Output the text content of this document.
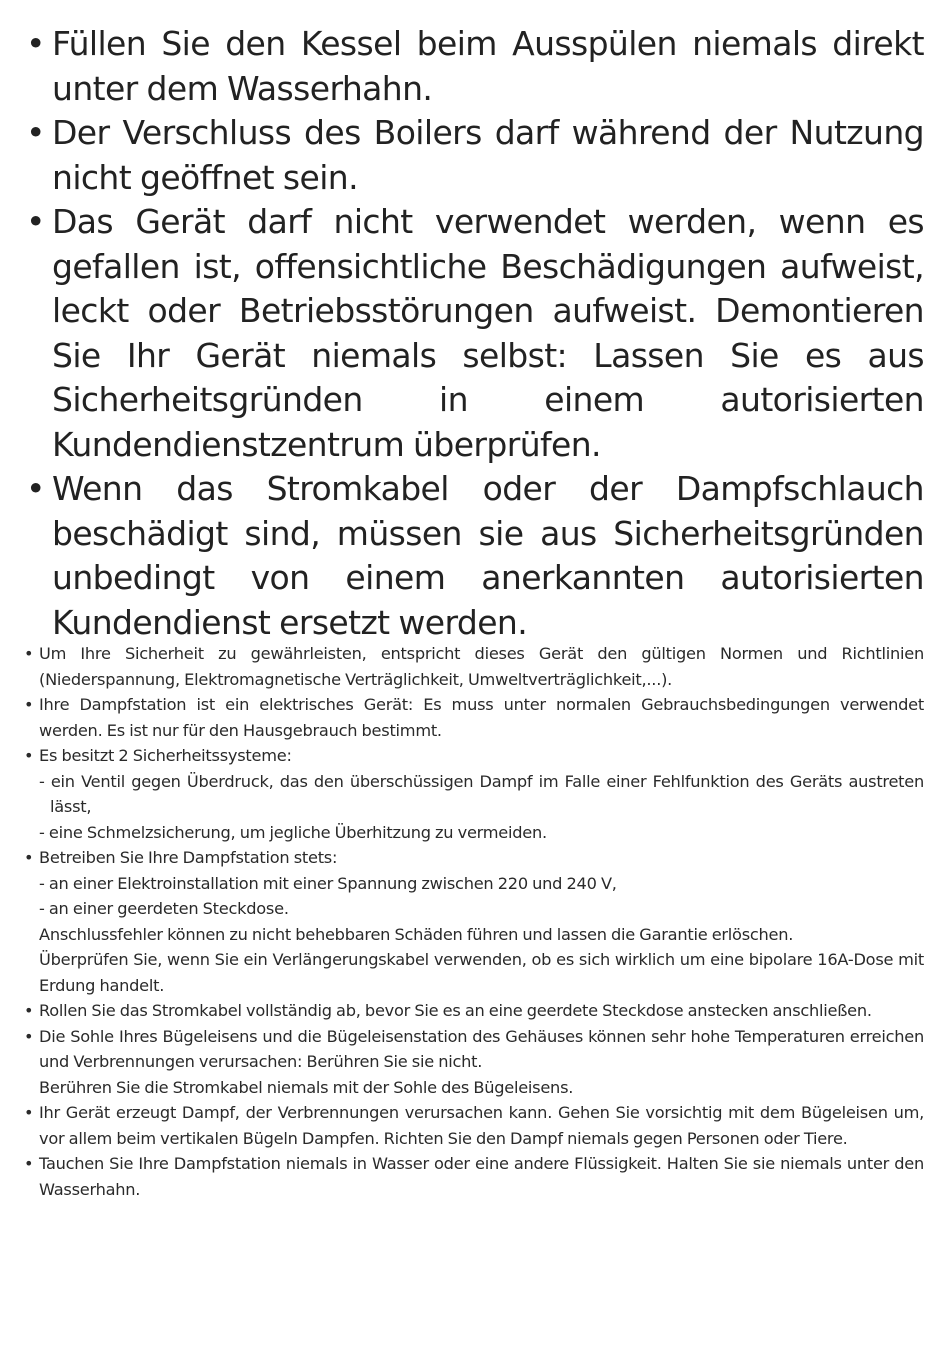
• Füllen Sie den Kessel beim Ausspülen niemals direkt unter dem Wasserhahn.
• Der Verschluss des Boilers darf während der Nutzung nicht geöffnet sein.
• Das Gerät darf nicht verwendet werden, wenn es gefallen ist, offensichtliche Beschädigungen aufweist, leckt oder Betriebsstörungen aufweist. Demontieren Sie Ihr Gerät niemals selbst: Lassen Sie es aus Sicherheitsgründen in einem autorisierten Kundendienstzentrum überprüfen.
• Wenn das Stromkabel oder der Dampfschlauch beschädigt sind, müssen sie aus Sicherheitsgründen unbedingt von einem anerkannten autorisierten Kundendienst ersetzt werden.
• Um Ihre Sicherheit zu gewährleisten, entspricht dieses Gerät den gültigen Normen und Richtlinien (Niederspannung, Elektromagnetische Verträglichkeit, Umweltverträglichkeit,...).
• Ihre Dampfstation ist ein elektrisches Gerät: Es muss unter normalen Gebrauchsbedingungen verwendet werden. Es ist nur für den Hausgebrauch bestimmt.
• Es besitzt 2 Sicherheitssysteme:
- ein Ventil gegen Überdruck, das den überschüssigen Dampf im Falle einer Fehlfunktion des Geräts austreten lässt,
- eine Schmelzsicherung, um jegliche Überhitzung zu vermeiden.
• Betreiben Sie Ihre Dampfstation stets:
- an einer Elektroinstallation mit einer Spannung zwischen 220 und 240 V,
- an einer geerdeten Steckdose.
Anschlussfehler können zu nicht behebbaren Schäden führen und lassen die Garantie erlöschen.
Überprüfen Sie, wenn Sie ein Verlängerungskabel verwenden, ob es sich wirklich um eine bipolare 16A-Dose mit Erdung handelt.
• Rollen Sie das Stromkabel vollständig ab, bevor Sie es an eine geerdete Steckdose anstecken anschließen.
• Die Sohle Ihres Bügeleisens und die Bügeleisenstation des Gehäuses können sehr hohe Temperaturen erreichen und Verbrennungen verursachen: Berühren Sie sie nicht.
Berühren Sie die Stromkabel niemals mit der Sohle des Bügeleisens.
• Ihr Gerät erzeugt Dampf, der Verbrennungen verursachen kann. Gehen Sie vorsichtig mit dem Bügeleisen um, vor allem beim vertikalen Bügeln Dampfen. Richten Sie den Dampf niemals gegen Personen oder Tiere.
• Tauchen Sie Ihre Dampfstation niemals in Wasser oder eine andere Flüssigkeit. Halten Sie sie niemals unter den Wasserhahn.
